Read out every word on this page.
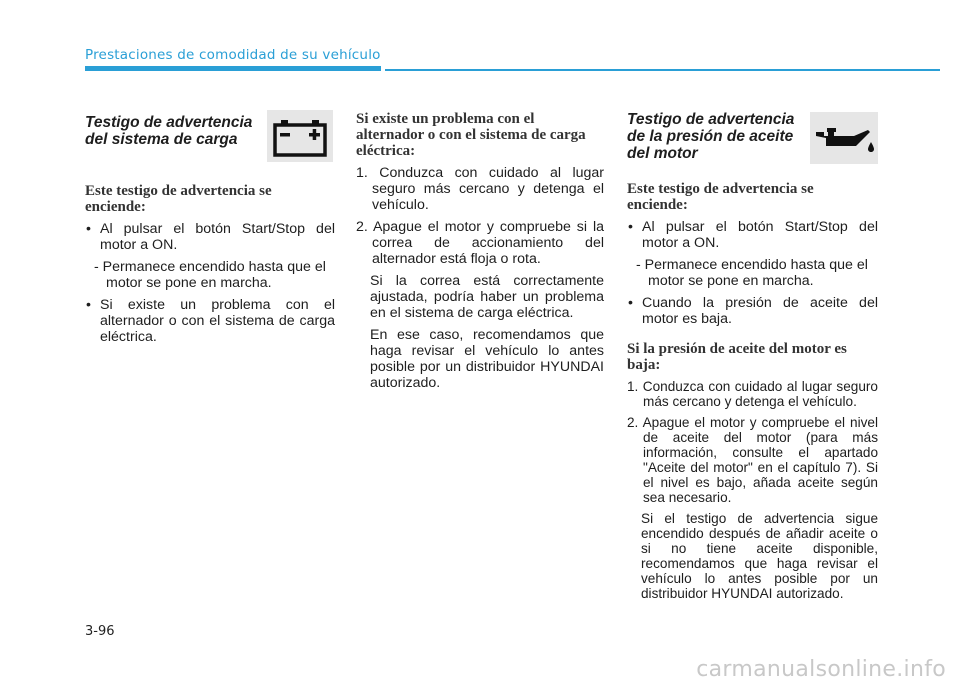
Prestaciones de comodidad de su vehículo

Testigo de advertencia del sistema de carga

Este testigo de advertencia se enciende:

• Al pulsar el botón Start/Stop del motor a ON.
- Permanece encendido hasta que el motor se pone en marcha.
• Si existe un problema con el alternador o con el sistema de carga eléctrica.

Si existe un problema con el alternador o con el sistema de carga eléctrica:

1. Conduzca con cuidado al lugar seguro más cercano y detenga el vehículo.
2. Apague el motor y compruebe si la correa de accionamiento del alternador está floja o rota.

Si la correa está correctamente ajustada, podría haber un problema en el sistema de carga eléctrica.

En ese caso, recomendamos que haga revisar el vehículo lo antes posible por un distribuidor HYUNDAI autorizado.

Testigo de advertencia de la presión de aceite del motor

Este testigo de advertencia se enciende:

• Al pulsar el botón Start/Stop del motor a ON.
- Permanece encendido hasta que el motor se pone en marcha.
• Cuando la presión de aceite del motor es baja.

Si la presión de aceite del motor es baja:

1. Conduzca con cuidado al lugar seguro más cercano y detenga el vehículo.
2. Apague el motor y compruebe el nivel de aceite del motor (para más información, consulte el apartado "Aceite del motor" en el capítulo 7). Si el nivel es bajo, añada aceite según sea necesario.

Si el testigo de advertencia sigue encendido después de añadir aceite o si no tiene aceite disponible, recomendamos que haga revisar el vehículo lo antes posible por un distribuidor HYUNDAI autorizado.

3-96
carmanualsonline.info
